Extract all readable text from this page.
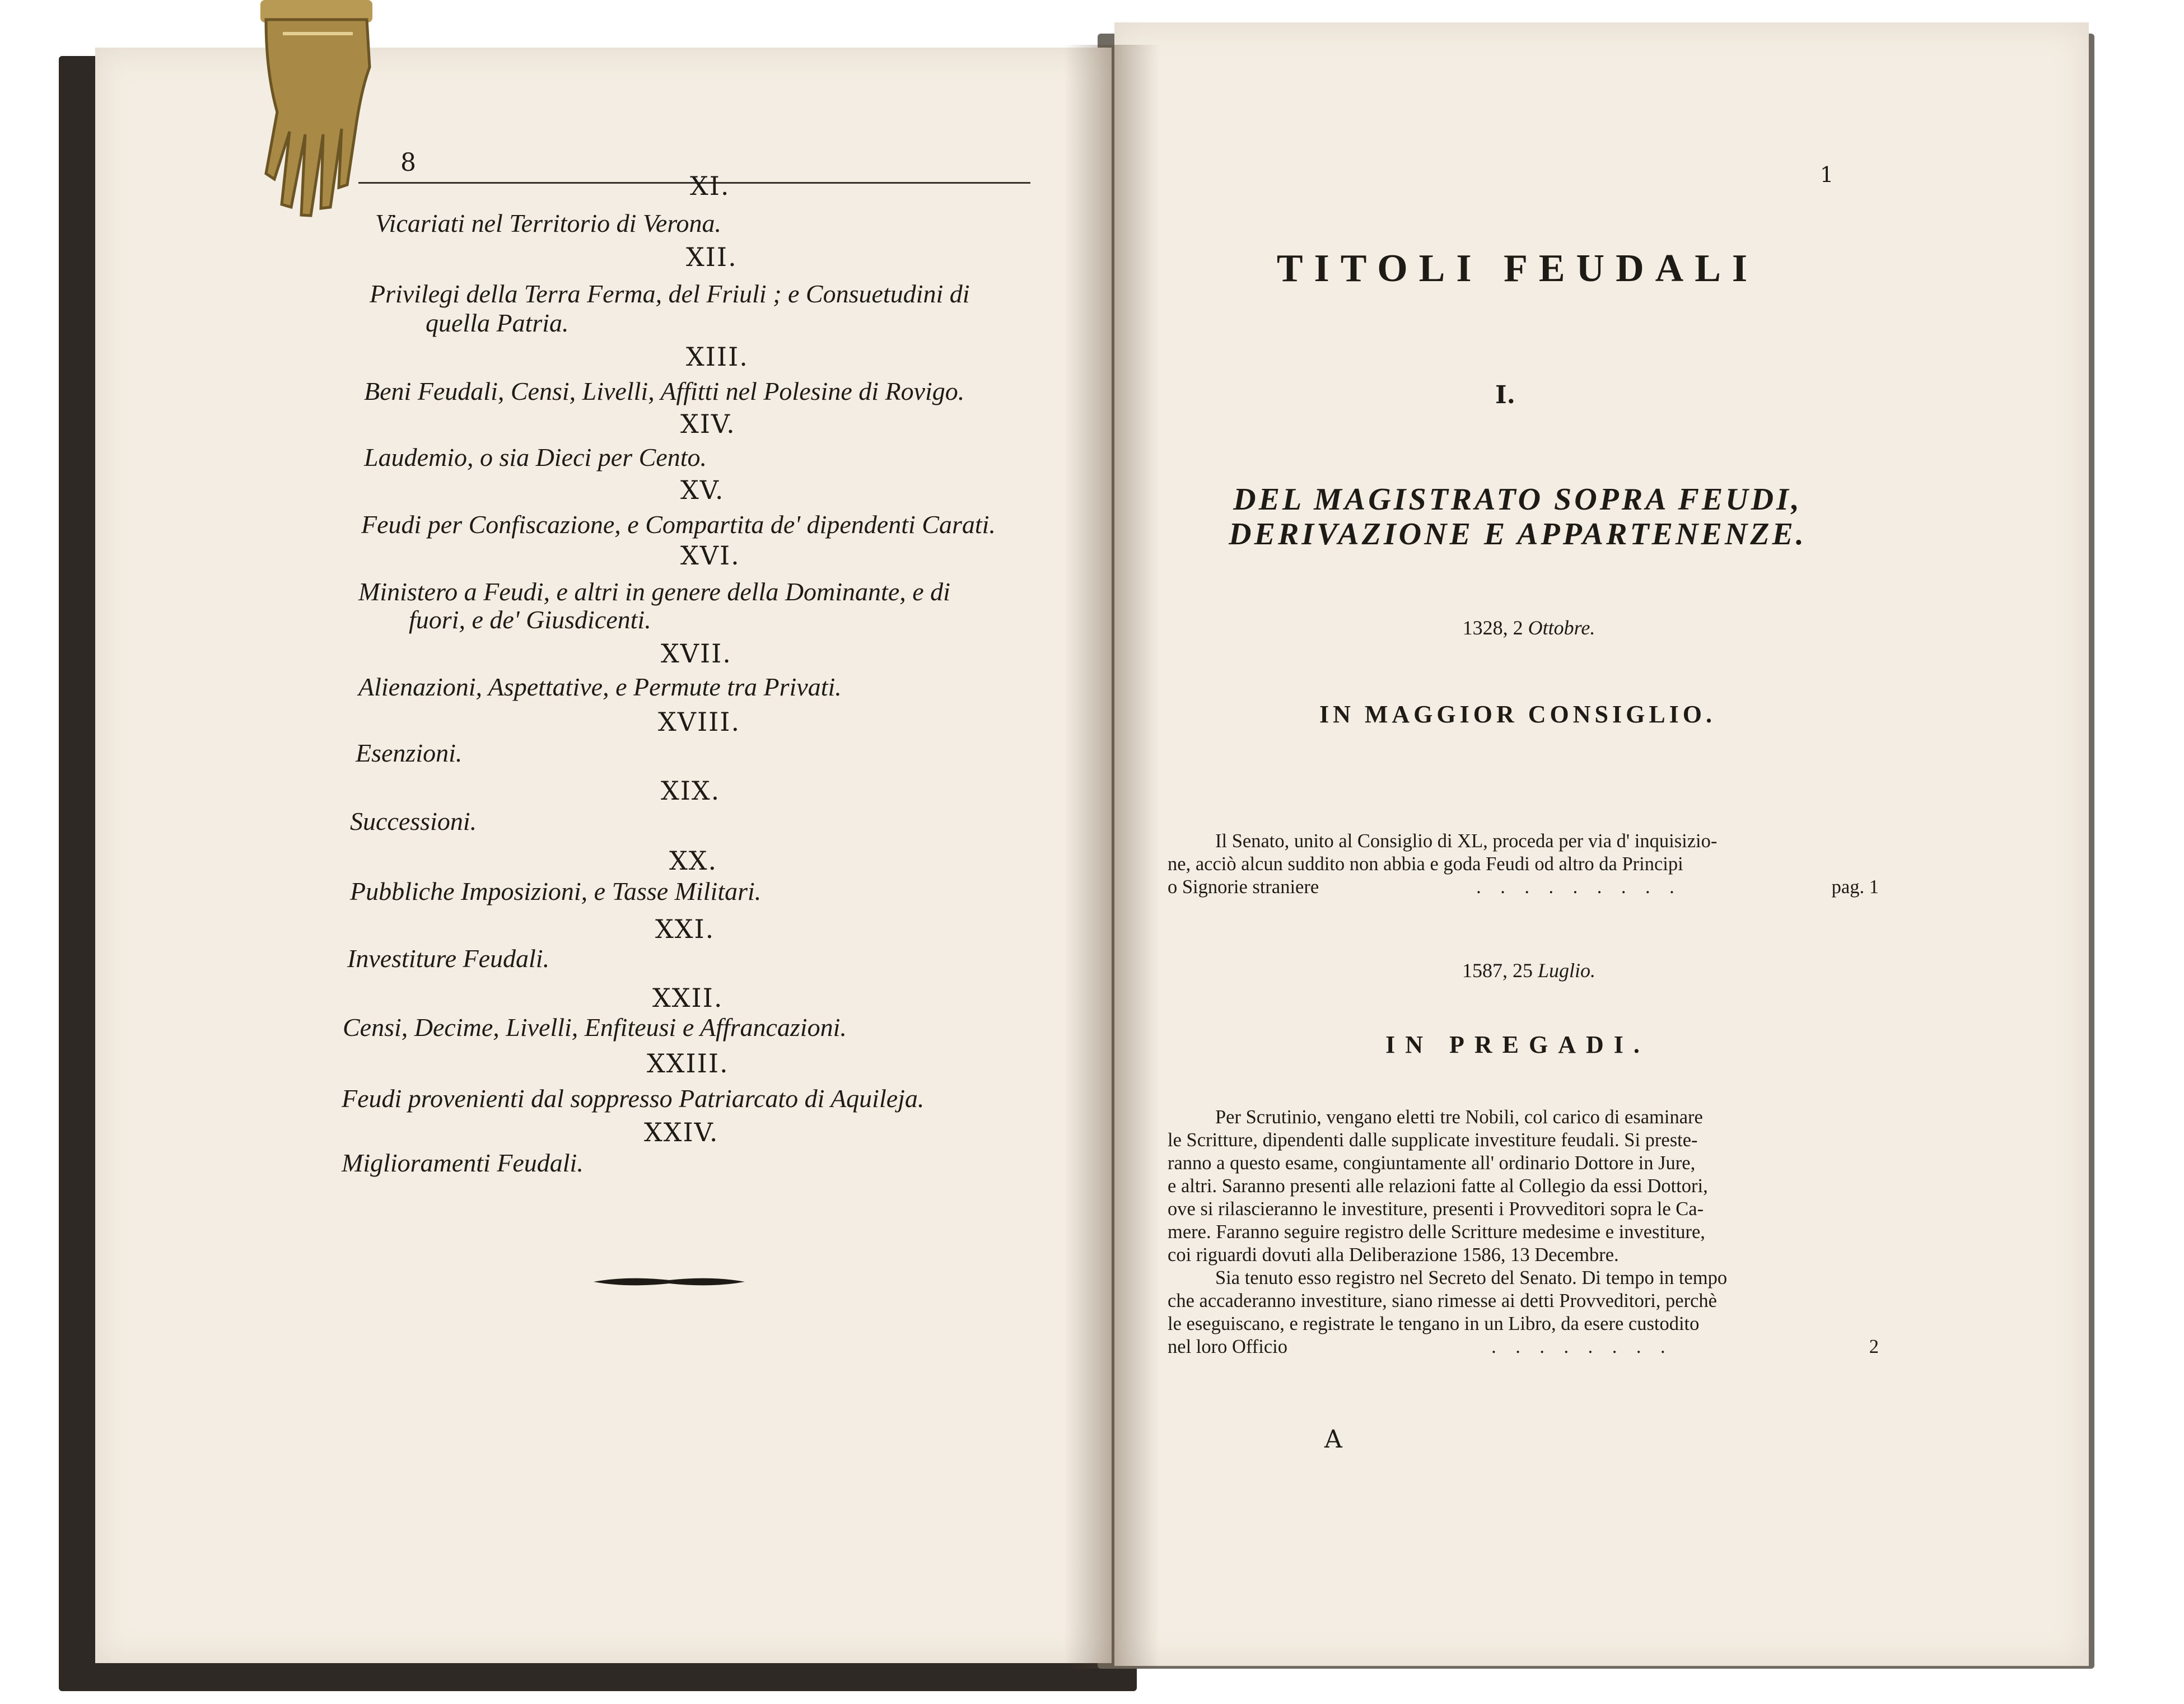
8
XI.
Vicariati nel Territorio di Verona.
XII.
Privilegi della Terra Ferma, del Friuli ; e Consuetudini di
quella Patria.
XIII.
Beni Feudali, Censi, Livelli, Affitti nel Polesine di Rovigo.
XIV.
Laudemio, o sia Dieci per Cento.
XV.
Feudi per Confiscazione, e Compartita de' dipendenti Carati.
XVI.
Ministero a Feudi, e altri in genere della Dominante, e di
fuori, e de' Giusdicenti.
XVII.
Alienazioni, Aspettative, e Permute tra Privati.
XVIII.
Esenzioni.
XIX.
Successioni.
XX.
Pubbliche Imposizioni, e Tasse Militari.
XXI.
Investiture Feudali.
XXII.
Censi, Decime, Livelli, Enfiteusi e Affrancazioni.
XXIII.
Feudi provenienti dal soppresso Patriarcato di Aquileja.
XXIV.
Miglioramenti Feudali.
1
TITOLI FEUDALI
I.
DEL MAGISTRATO SOPRA FEUDI,
DERIVAZIONE E APPARTENENZE.
1328, 2 Ottobre.
IN MAGGIOR CONSIGLIO.

Il Senato, unito al Consiglio di XL, proceda per via d' inquisizio-

ne, acciò alcun suddito non abbia e goda Feudi od altro da Principi

o Signorie straniere	.    .    .    .    .    .    .    .    .	pag. 1
1587, 25 Luglio.
IN PREGADI.

Per Scrutinio, vengano eletti tre Nobili, col carico di esaminare

le Scritture, dipendenti dalle supplicate investiture feudali. Si preste-

ranno a questo esame, congiuntamente all' ordinario Dottore in Jure,

e altri. Saranno presenti alle relazioni fatte al Collegio da essi Dottori,

ove si rilascieranno le investiture, presenti i Provveditori sopra le Ca-

mere. Faranno seguire registro delle Scritture medesime e investiture,

coi riguardi dovuti alla Deliberazione 1586, 13 Decembre.

Sia tenuto esso registro nel Secreto del Senato. Di tempo in tempo

che accaderanno investiture, siano rimesse ai detti Provveditori, perchè

le eseguiscano, e registrate le tengano in un Libro, da esere custodito

nel loro Officio	.    .    .    .    .    .    .    .	2
A
